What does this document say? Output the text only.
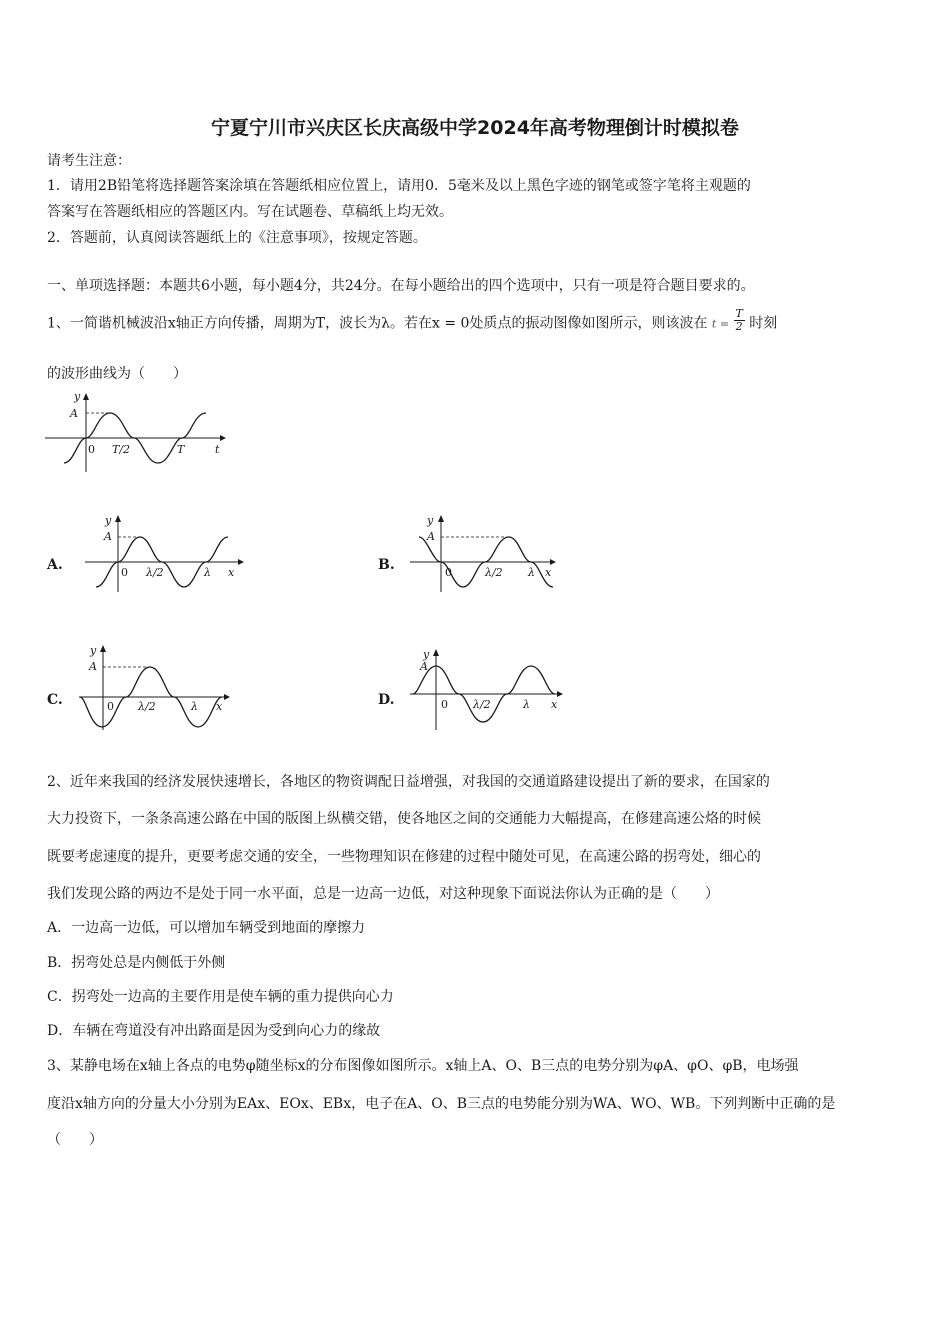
宁夏宁川市兴庆区长庆高级中学2024年高考物理倒计时模拟卷
请考生注意：
1．请用2B铅笔将选择题答案涂填在答题纸相应位置上，请用0．5毫米及以上黑色字迹的钢笔或签字笔将主观题的
答案写在答题纸相应的答题区内。写在试题卷、草稿纸上均无效。
2．答题前，认真阅读答题纸上的《注意事项》，按规定答题。
一、单项选择题：本题共6小题，每小题4分，共24分。在每小题给出的四个选项中，只有一项是符合题目要求的。
1、一简谐机械波沿x轴正方向传播，周期为T，波长为λ。若在x = 0处质点的振动图像如图所示，则该波在 $t = \frac{T}{2}$ 时刻
的波形曲线为（　　）
y
A
0 T/2	T	t
A.
y
A
0 λ/2	λ x	B.
y
A
0	λ/2 λ x
C.
y
A
0 λ/2	λ x	D.
y
A
0 λ/2	λ x
2、近年来我国的经济发展快速增长，各地区的物资调配日益增强，对我国的交通道路建设提出了新的要求，在国家的
大力投资下，一条条高速公路在中国的版图上纵横交错，使各地区之间的交通能力大幅提高，在修建高速公烙的时候
既要考虑速度的提升，更要考虑交通的安全，一些物理知识在修建的过程中随处可见，在高速公路的拐弯处，细心的
我们发现公路的两边不是处于同一水平面，总是一边高一边低，对这种现象下面说法你认为正确的是（　　）
A．一边高一边低，可以增加车辆受到地面的摩擦力
B．拐弯处总是内侧低于外侧
C．拐弯处一边高的主要作用是使车辆的重力提供向心力
D．车辆在弯道没有冲出路面是因为受到向心力的缘故
3、某静电场在x轴上各点的电势φ随坐标x的分布图像如图所示。x轴上A、O、B三点的电势分别为φA、φO、φB，电场强
度沿x轴方向的分量大小分别为EAx、EOx、EBx，电子在A、O、B三点的电势能分别为WA、WO、WB。下列判断中正确的是
（　　）
